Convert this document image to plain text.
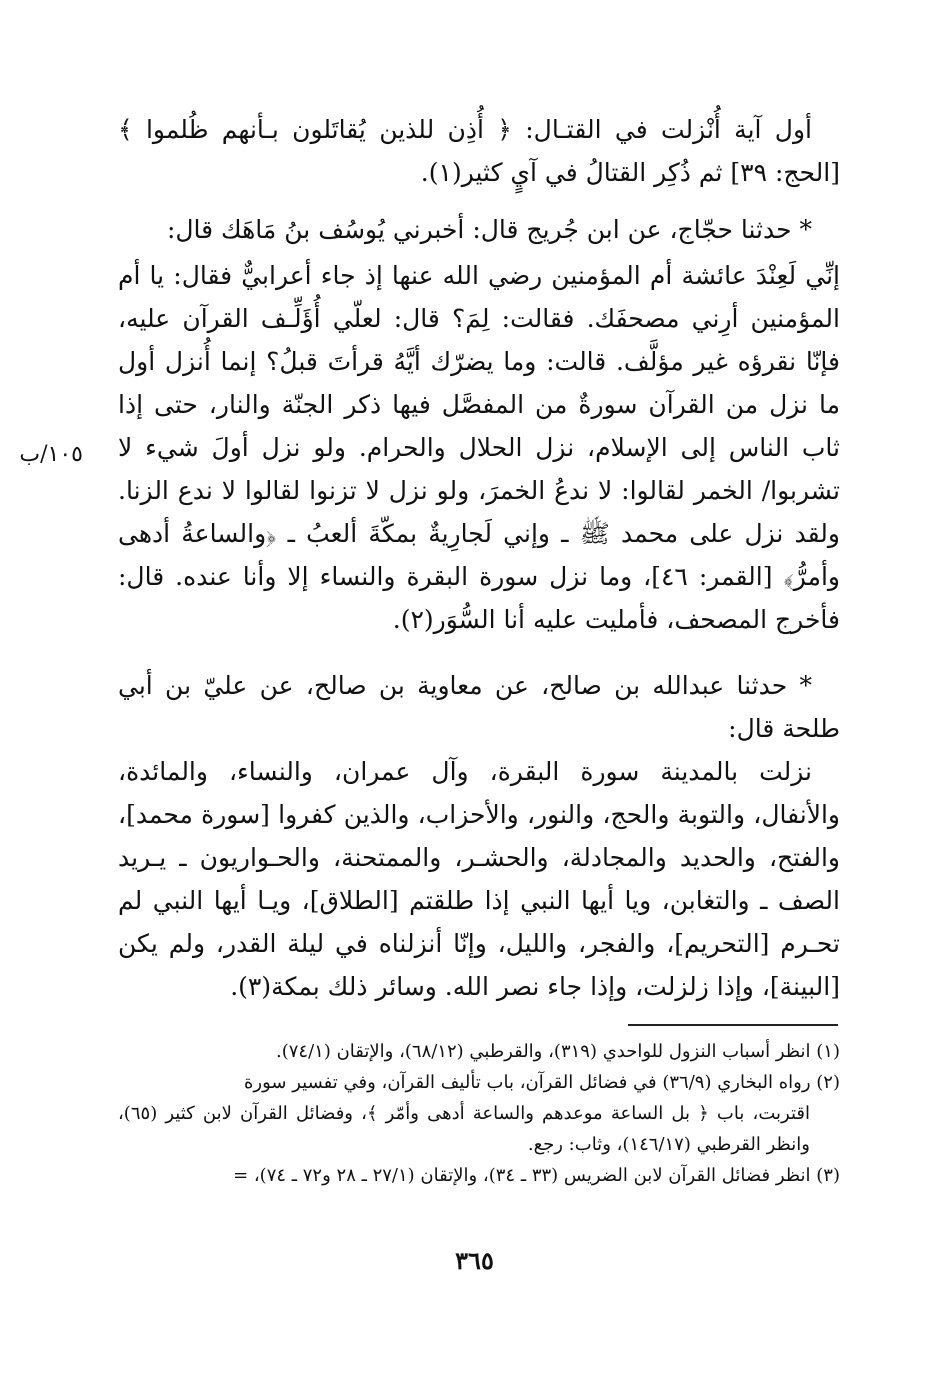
أول آية أُنْزلت في القتـال: ﴿ أُذِن للذين يُقاتَلون بـأنهم ظُلموا ﴾ [الحج: ٣٩] ثم ذُكِر القتالُ في آيٍ كثير(١).

* حدثنا حجّاج، عن ابن جُريج قال: أخبرني يُوسُف بنُ مَاهَك قال:

إنِّي لَعِنْدَ عائشة أم المؤمنين رضي الله عنها إذ جاء أعرابيٌّ فقال: يا أم المؤمنين أرِني مصحفَك. فقالت: لِمَ؟ قال: لعلّي أُؤَلِّـف القرآن عليه، فإنّا نقرؤه غير مؤلَّف. قالت: وما يضرّك أيَّهُ قرأتَ قبلُ؟ إنما أُنزل أول ما نزل من القرآن سورةٌ من المفصَّل فيها ذكر الجنّة والنار، حتى إذا ثاب الناس إلى الإسلام، نزل الحلال والحرام. ولو نزل أولَ شيء لا تشربوا/ الخمر لقالوا: لا ندعُ الخمرَ، ولو نزل لا تزنوا لقالوا لا ندع الزنا. ولقد نزل على محمد ﷺ ـ وإني لَجارِيةٌ بمكّةَ ألعبُ ـ ﴿والساعةُ أدهى وأمرُّ﴾ [القمر: ٤٦]، وما نزل سورة البقرة والنساء إلا وأنا عنده. قال: فأخرج المصحف، فأمليت عليه أنا السُّوَر(٢).

١٠٥/ب

* حدثنا عبدالله بن صالح، عن معاوية بن صالح، عن عليّ بن أبي طلحة قال:

نزلت بالمدينة سورة البقرة، وآل عمران، والنساء، والمائدة، والأنفال، والتوبة والحج، والنور، والأحزاب، والذين كفروا [سورة محمد]، والفتح، والحديد والمجادلة، والحشـر، والممتحنة، والحـواريون ـ يـريد الصف ـ والتغابن، ويا أيها النبي إذا طلقتم [الطلاق]، ويـا أيها النبي لم تحـرم [التحريم]، والفجر، والليل، وإنّا أنزلناه في ليلة القدر، ولم يكن [البينة]، وإذا زلزلت، وإذا جاء نصر الله. وسائر ذلك بمكة(٣).

(١) انظر أسباب النزول للواحدي (٣١٩)، والقرطبي (٦٨/١٢)، والإتقان (٧٤/١).

(٢) رواه البخاري (٣٦/٩) في فضائل القرآن، باب تأليف القرآن، وفي تفسير سورة
اقتربت، باب ﴿ بل الساعة موعدهم والساعة أدهى وأمّر ﴾، وفضائل القرآن لابن كثير (٦٥)، وانظر القرطبي (١٤٦/١٧)، وثاب: رجع.

(٣) انظر فضائل القرآن لابن الضريس (٣٣ ـ ٣٤)، والإتقان (٢٧/١ ـ ٢٨ و٧٢ ـ ٧٤)، =

٣٦٥
